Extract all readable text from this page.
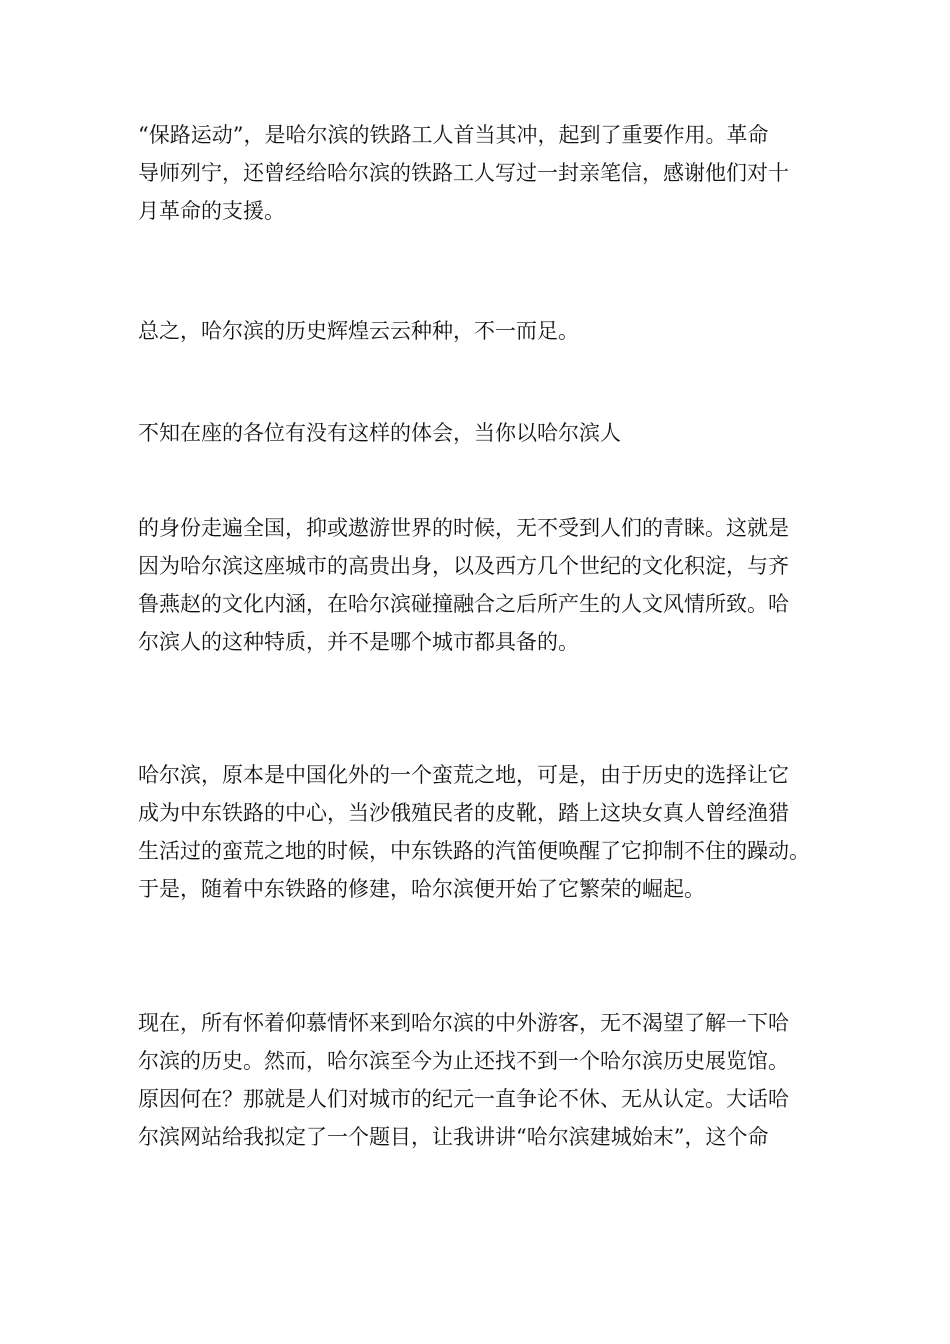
“保路运动”，是哈尔滨的铁路工人首当其冲，起到了重要作用。革命
导师列宁，还曾经给哈尔滨的铁路工人写过一封亲笔信，感谢他们对十
月革命的支援。
总之，哈尔滨的历史辉煌云云种种，不一而足。
不知在座的各位有没有这样的体会，当你以哈尔滨人
的身份走遍全国，抑或遨游世界的时候，无不受到人们的青睐。这就是
因为哈尔滨这座城市的高贵出身，以及西方几个世纪的文化积淀，与齐
鲁燕赵的文化内涵，在哈尔滨碰撞融合之后所产生的人文风情所致。哈
尔滨人的这种特质，并不是哪个城市都具备的。
哈尔滨，原本是中国化外的一个蛮荒之地，可是，由于历史的选择让它
成为中东铁路的中心，当沙俄殖民者的皮靴，踏上这块女真人曾经渔猎
生活过的蛮荒之地的时候，中东铁路的汽笛便唤醒了它抑制不住的躁动。
于是，随着中东铁路的修建，哈尔滨便开始了它繁荣的崛起。
现在，所有怀着仰慕情怀来到哈尔滨的中外游客，无不渴望了解一下哈
尔滨的历史。然而，哈尔滨至今为止还找不到一个哈尔滨历史展览馆。
原因何在？那就是人们对城市的纪元一直争论不休、无从认定。大话哈
尔滨网站给我拟定了一个题目，让我讲讲“哈尔滨建城始末”，这个命
